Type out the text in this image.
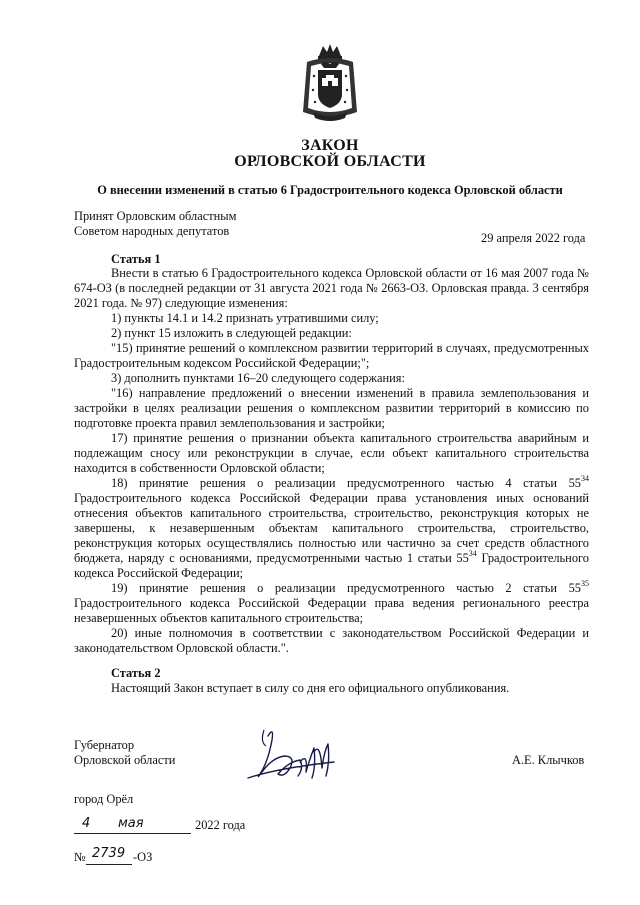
ЗАКОН
ОРЛОВСКОЙ ОБЛАСТИ
О внесении изменений в статью 6 Градостроительного кодекса Орловской области
Принят Орловским областным
Советом народных депутатов	29 апреля 2022 года
Статья 1

Внести в статью 6 Градостроительного кодекса Орловской области от 16 мая 2007 года № 674-ОЗ (в последней редакции от 31 августа 2021 года № 2663-ОЗ. Орловская правда. 3 сентября 2021 года. № 97) следующие изменения:

1) пункты 14.1 и 14.2 признать утратившими силу;

2) пункт 15 изложить в следующей редакции:

"15) принятие решений о комплексном развитии территорий в случаях, предусмотренных Градостроительным кодексом Российской Федерации;";

3) дополнить пунктами 16–20 следующего содержания:

"16) направление предложений о внесении изменений в правила землепользования и застройки в целях реализации решения о комплексном развитии территорий в комиссию по подготовке проекта правил землепользования и застройки;

17) принятие решения о признании объекта капитального строительства аварийным и подлежащим сносу или реконструкции в случае, если объект капитального строительства находится в собственности Орловской области;

18) принятие решения о реализации предусмотренного частью 4 статьи $55^{34}$ Градостроительного кодекса Российской Федерации права установления иных оснований отнесения объектов капитального строительства, строительство, реконструкция которых не завершены, к незавершенным объектам капитального строительства, строительство, реконструкция которых осуществлялись полностью или частично за счет средств областного бюджета, наряду с основаниями, предусмотренными частью 1 статьи $55^{34}$ Градостроительного кодекса Российской Федерации;

19) принятие решения о реализации предусмотренного частью 2 статьи $55^{35}$ Градостроительного кодекса Российской Федерации права ведения регионального реестра незавершенных объектов капитального строительства;

20) иные полномочия в соответствии с законодательством Российской Федерации и законодательством Орловской области.".

Статья 2
Настоящий Закон вступает в силу со дня его официального опубликования.
Губернатор
Орловской области	А.Е. Клычков
город Орёл
4 мая	2022 года
№ 2739 -ОЗ
